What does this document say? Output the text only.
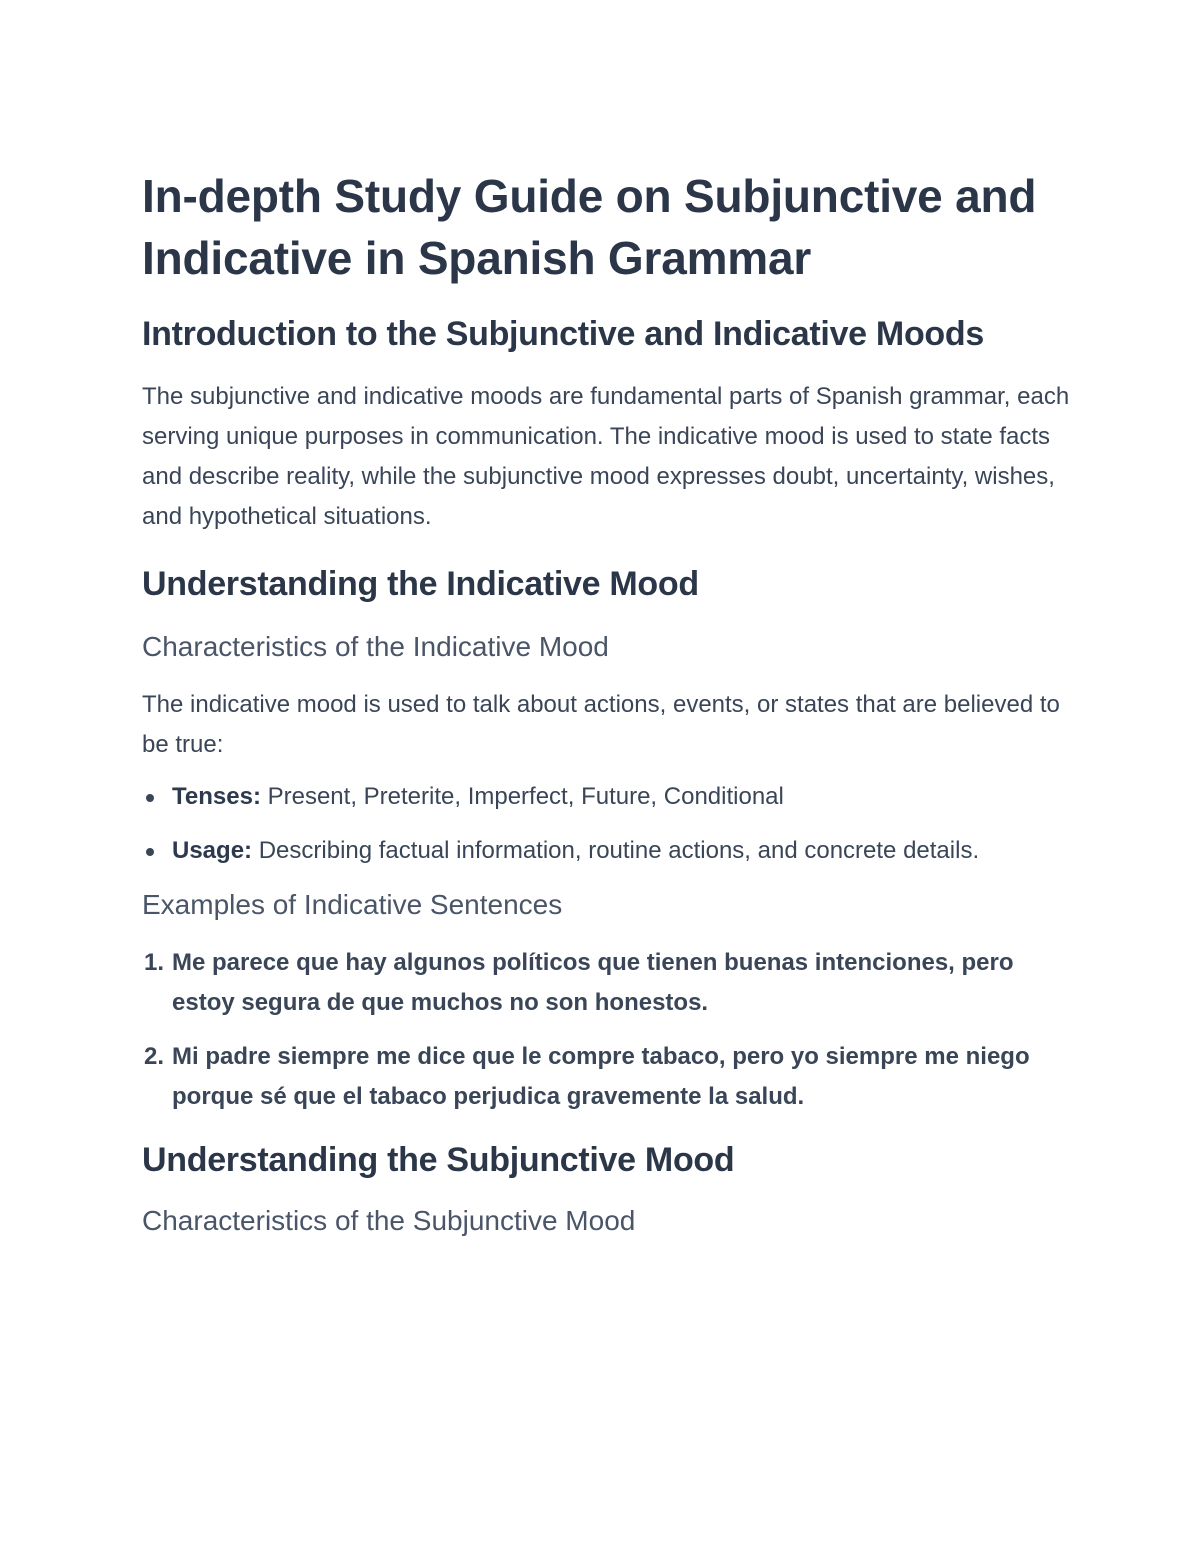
In-depth Study Guide on Subjunctive and Indicative in Spanish Grammar
Introduction to the Subjunctive and Indicative Moods

The subjunctive and indicative moods are fundamental parts of Spanish grammar, each serving unique purposes in communication. The indicative mood is used to state facts and describe reality, while the subjunctive mood expresses doubt, uncertainty, wishes, and hypothetical situations.

Understanding the Indicative Mood
Characteristics of the Indicative Mood

The indicative mood is used to talk about actions, events, or states that are believed to be true:

Tenses: Present, Preterite, Imperfect, Future, Conditional
Usage: Describing factual information, routine actions, and concrete details.
Examples of Indicative Sentences
1. Me parece que hay algunos políticos que tienen buenas intenciones, pero estoy segura de que muchos no son honestos.
2. Mi padre siempre me dice que le compre tabaco, pero yo siempre me niego porque sé que el tabaco perjudica gravemente la salud.
Understanding the Subjunctive Mood
Characteristics of the Subjunctive Mood
